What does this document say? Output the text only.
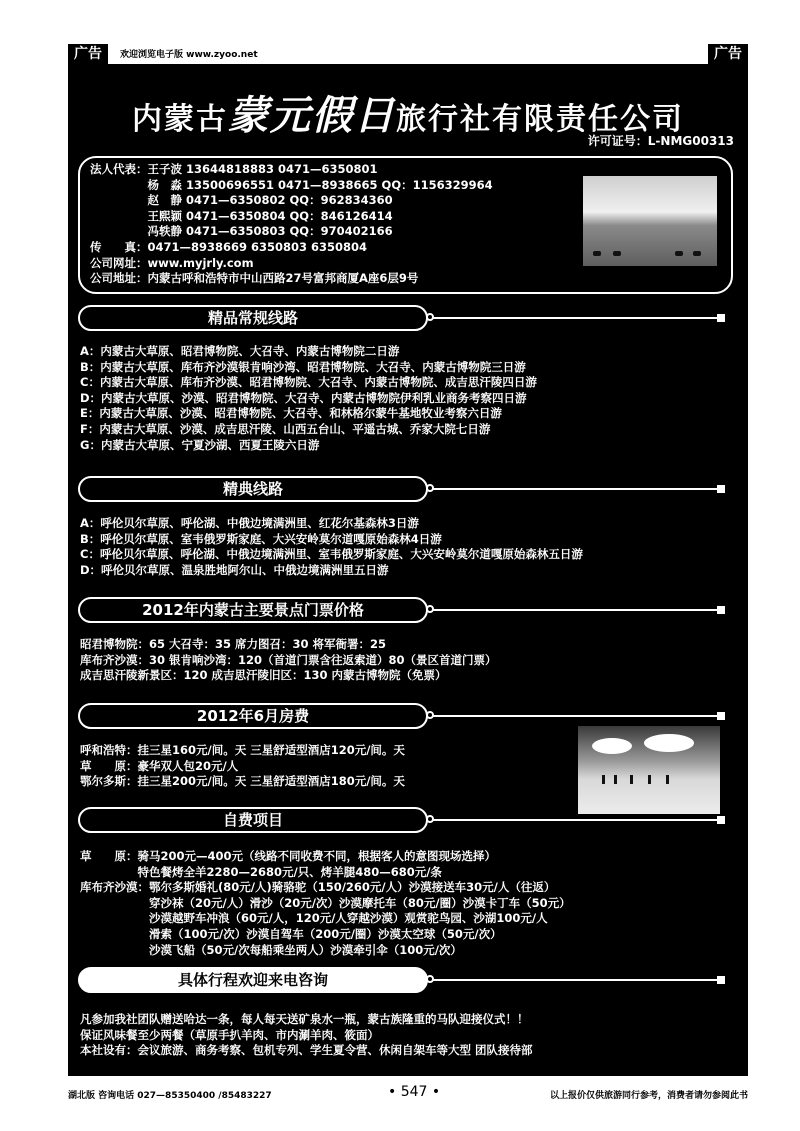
广告	欢迎浏览电子版 www.zyoo.net	广告
内蒙古蒙元假日旅行社有限责任公司
许可证号：L-NMG00313
法人代表：王子波 13644818883 0471—6350801
　　　　　杨　淼 13500696551 0471—8938665 QQ：1156329964
　　　　　赵　静 0471—6350802 QQ：962834360
　　　　　王熙颖 0471—6350804 QQ：846126414
　　　　　冯轶静 0471—6350803 QQ：970402166
传　　真：0471—8938669 6350803 6350804
公司网址：www.myjrly.com
公司地址：内蒙古呼和浩特市中山西路27号富邦商厦A座6层9号
精品常规线路
A：内蒙古大草原、昭君博物院、大召寺、内蒙古博物院二日游
B：内蒙古大草原、库布齐沙漠银肯响沙湾、昭君博物院、大召寺、内蒙古博物院三日游
C：内蒙古大草原、库布齐沙漠、昭君博物院、大召寺、内蒙古博物院、成吉思汗陵四日游
D：内蒙古大草原、沙漠、昭君博物院、大召寺、内蒙古博物院伊利乳业商务考察四日游
E：内蒙古大草原、沙漠、昭君博物院、大召寺、和林格尔蒙牛基地牧业考察六日游
F：内蒙古大草原、沙漠、成吉思汗陵、山西五台山、平遥古城、乔家大院七日游
G：内蒙古大草原、宁夏沙湖、西夏王陵六日游
精典线路
A：呼伦贝尔草原、呼伦湖、中俄边境满洲里、红花尔基森林3日游
B：呼伦贝尔草原、室韦俄罗斯家庭、大兴安岭莫尔道嘎原始森林4日游
C：呼伦贝尔草原、呼伦湖、中俄边境满洲里、室韦俄罗斯家庭、大兴安岭莫尔道嘎原始森林五日游
D：呼伦贝尔草原、温泉胜地阿尔山、中俄边境满洲里五日游
2012年内蒙古主要景点门票价格
昭君博物院：65 大召寺：35 席力图召：30 将军衙署：25
库布齐沙漠：30 银肯响沙湾：120（首道门票含往返索道）80（景区首道门票）
成吉思汗陵新景区：120 成吉思汗陵旧区：130 内蒙古博物院（免票）
2012年6月房费
呼和浩特：挂三星160元/间。天 三星舒适型酒店120元/间。天
草　　原：豪华双人包20元/人
鄂尔多斯：挂三星200元/间。天 三星舒适型酒店180元/间。天
自费项目
草　　原：骑马200元—400元（线路不同收费不同，根据客人的意图现场选择）
　　　　　特色餐烤全羊2280—2680元/只、烤羊腿480—680元/条
库布齐沙漠：鄂尔多斯婚礼(80元/人)骑骆驼（150/260元/人）沙漠接送车30元/人（往返）
　　　　　　穿沙袜（20元/人）滑沙（20元/次）沙漠摩托车（80元/圈）沙漠卡丁车（50元）
　　　　　　沙漠越野车冲浪（60元/人，120元/人穿越沙漠）观赏驼鸟园、沙湖100元/人
　　　　　　滑索（100元/次）沙漠自驾车（200元/圈）沙漠太空球（50元/次）
　　　　　　沙漠飞船（50元/次每船乘坐两人）沙漠牵引伞（100元/次）
具体行程欢迎来电咨询
凡参加我社团队赠送哈达一条，每人每天送矿泉水一瓶，蒙古族隆重的马队迎接仪式！！
保证风味餐至少两餐（草原手扒羊肉、市内涮羊肉、筱面）
本社设有：会议旅游、商务考察、包机专列、学生夏令营、休闲自架车等大型 团队接待部
湖北版 咨询电话 027—85350400 /85483227	• 547 •	以上报价仅供旅游同行参考，消费者请勿参阅此书
